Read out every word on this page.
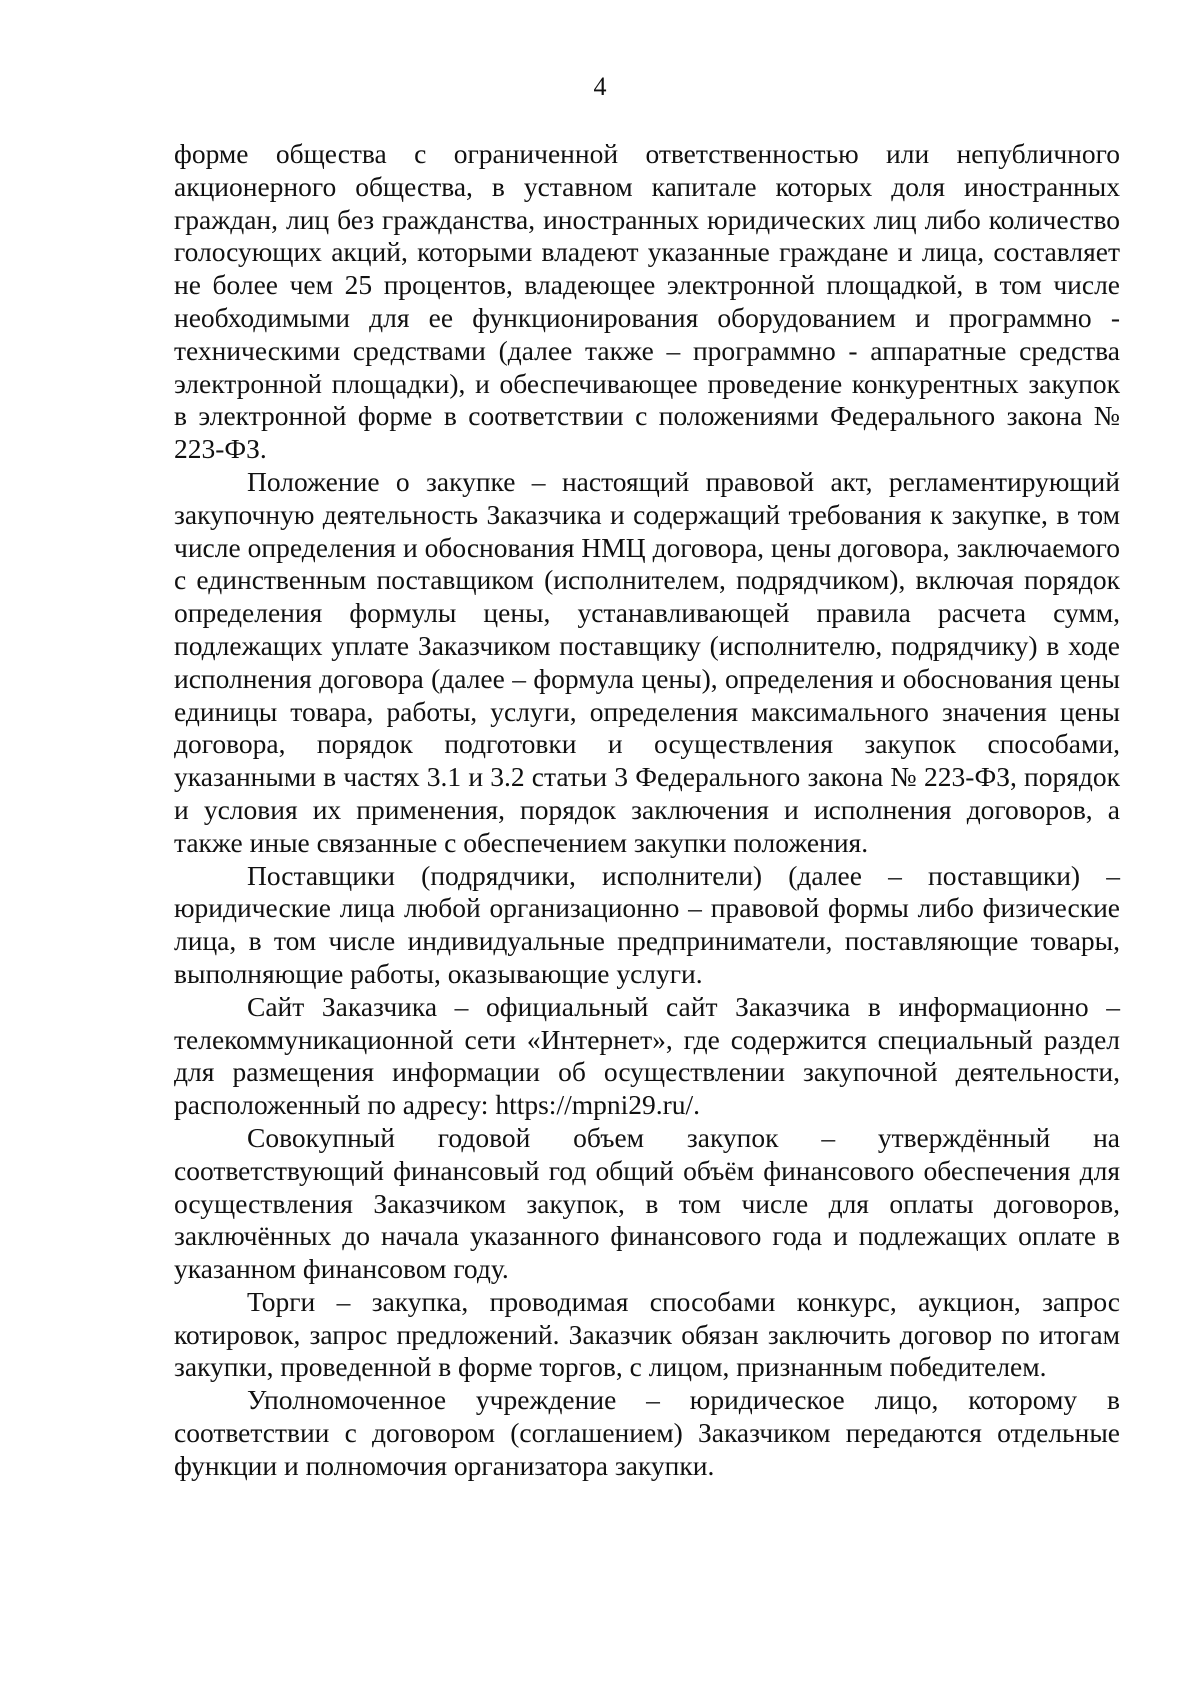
4

форме общества с ограниченной ответственностью или непубличного акционерного общества, в уставном капитале которых доля иностранных граждан, лиц без гражданства, иностранных юридических лиц либо количество голосующих акций, которыми владеют указанные граждане и лица, составляет не более чем 25 процентов, владеющее электронной площадкой, в том числе необходимыми для ее функционирования оборудованием и программно - техническими средствами (далее также – программно - аппаратные средства электронной площадки), и обеспечивающее проведение конкурентных закупок в электронной форме в соответствии с положениями Федерального закона № 223-ФЗ.

Положение о закупке – настоящий правовой акт, регламентирующий закупочную деятельность Заказчика и содержащий требования к закупке, в том числе определения и обоснования НМЦ договора, цены договора, заключаемого с единственным поставщиком (исполнителем, подрядчиком), включая порядок определения формулы цены, устанавливающей правила расчета сумм, подлежащих уплате Заказчиком поставщику (исполнителю, подрядчику) в ходе исполнения договора (далее – формула цены), определения и обоснования цены единицы товара, работы, услуги, определения максимального значения цены договора, порядок подготовки и осуществления закупок способами, указанными в частях 3.1 и 3.2 статьи 3 Федерального закона № 223-ФЗ, порядок и условия их применения, порядок заключения и исполнения договоров, а также иные связанные с обеспечением закупки положения.

Поставщики (подрядчики, исполнители) (далее – поставщики) – юридические лица любой организационно – правовой формы либо физические лица, в том числе индивидуальные предприниматели, поставляющие товары, выполняющие работы, оказывающие услуги.

Сайт Заказчика – официальный сайт Заказчика в информационно – телекоммуникационной сети «Интернет», где содержится специальный раздел для размещения информации об осуществлении закупочной деятельности, расположенный по адресу: https://mpni29.ru/.

Совокупный годовой объем закупок – утверждённый на соответствующий финансовый год общий объём финансового обеспечения для осуществления Заказчиком закупок, в том числе для оплаты договоров, заключённых до начала указанного финансового года и подлежащих оплате в указанном финансовом году.

Торги – закупка, проводимая способами конкурс, аукцион, запрос котировок, запрос предложений. Заказчик обязан заключить договор по итогам закупки, проведенной в форме торгов, с лицом, признанным победителем.

Уполномоченное учреждение – юридическое лицо, которому в соответствии с договором (соглашением) Заказчиком передаются отдельные функции и полномочия организатора закупки.
